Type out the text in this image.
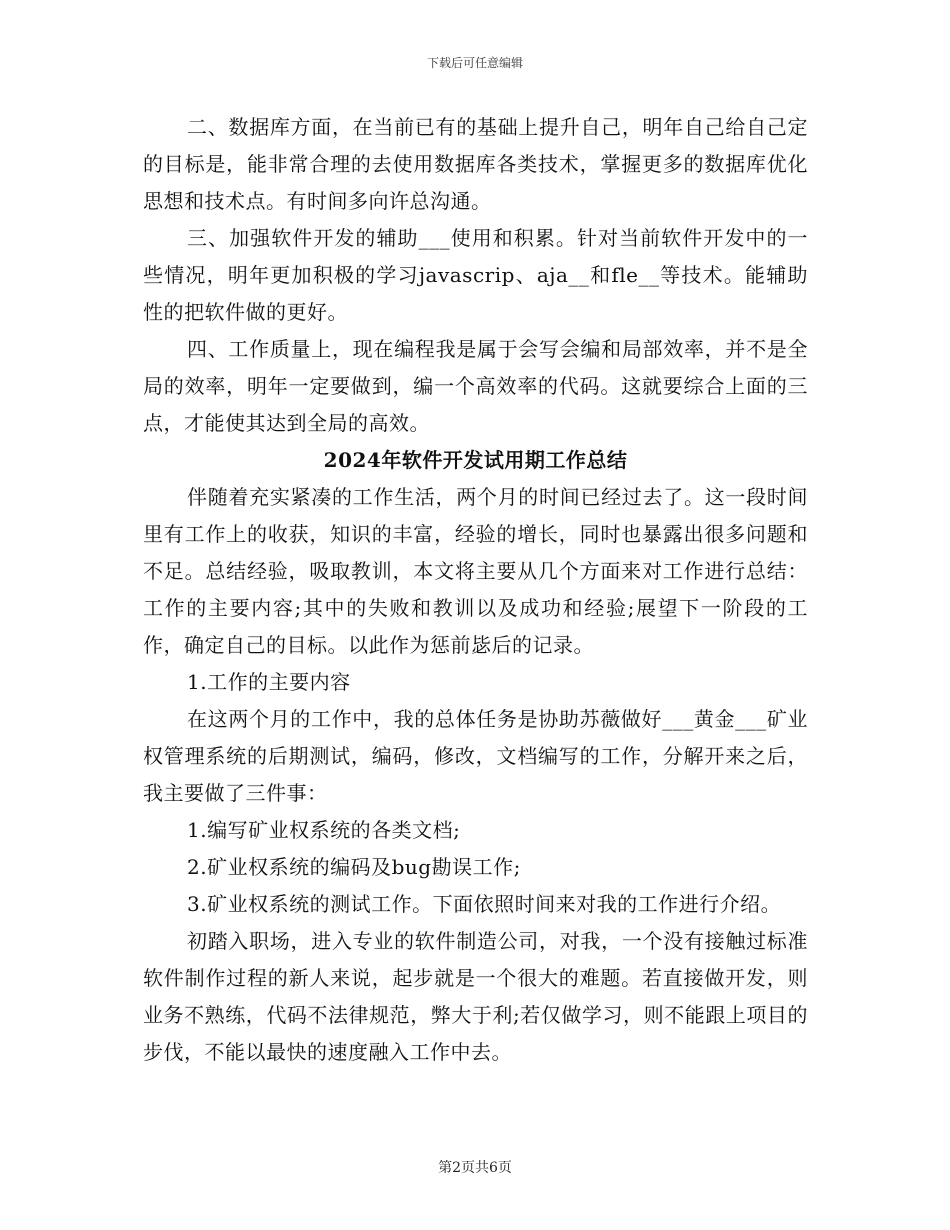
下载后可任意编辑

二、数据库方面，在当前已有的基础上提升自己，明年自己给自己定的目标是，能非常合理的去使用数据库各类技术，掌握更多的数据库优化思想和技术点。有时间多向许总沟通。

三、加强软件开发的辅助___使用和积累。针对当前软件开发中的一些情况，明年更加积极的学习javascrip、aja__和fle__等技术。能辅助性的把软件做的更好。

四、工作质量上，现在编程我是属于会写会编和局部效率，并不是全局的效率，明年一定要做到，编一个高效率的代码。这就要综合上面的三点，才能使其达到全局的高效。

2024年软件开发试用期工作总结

伴随着充实紧凑的工作生活，两个月的时间已经过去了。这一段时间里有工作上的收获，知识的丰富，经验的增长，同时也暴露出很多问题和不足。总结经验，吸取教训，本文将主要从几个方面来对工作进行总结：工作的主要内容;其中的失败和教训以及成功和经验;展望下一阶段的工作，确定自己的目标。以此作为惩前毖后的记录。

1.工作的主要内容

在这两个月的工作中，我的总体任务是协助苏薇做好___黄金___矿业权管理系统的后期测试，编码，修改，文档编写的工作，分解开来之后，我主要做了三件事：

1.编写矿业权系统的各类文档;

2.矿业权系统的编码及bug勘误工作;

3.矿业权系统的测试工作。下面依照时间来对我的工作进行介绍。

初踏入职场，进入专业的软件制造公司，对我，一个没有接触过标准软件制作过程的新人来说，起步就是一个很大的难题。若直接做开发，则业务不熟练，代码不法律规范，弊大于利;若仅做学习，则不能跟上项目的步伐，不能以最快的速度融入工作中去。

第2页共6页
